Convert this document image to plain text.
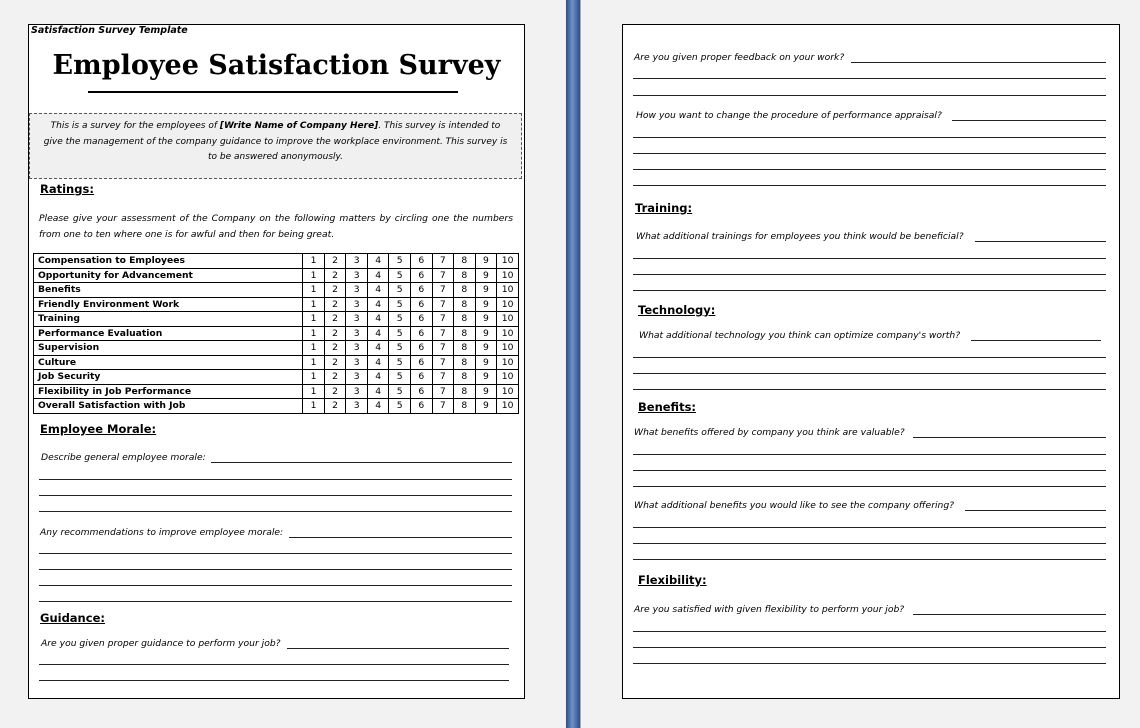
Satisfaction Survey Template
Employee Satisfaction Survey
This is a survey for the employees of [Write Name of Company Here]. This survey is intended to give the management of the company guidance to improve the workplace environment. This survey is to be answered anonymously.
Ratings:
Please give your assessment of the Company on the following matters by circling one the numbers from one to ten where one is for awful and then for being great.
Compensation to Employees	1	2	3	4	5	6	7	8	9	10
Opportunity for Advancement	1	2	3	4	5	6	7	8	9	10
Benefits	1	2	3	4	5	6	7	8	9	10
Friendly Environment Work	1	2	3	4	5	6	7	8	9	10
Training	1	2	3	4	5	6	7	8	9	10
Performance Evaluation	1	2	3	4	5	6	7	8	9	10
Supervision	1	2	3	4	5	6	7	8	9	10
Culture	1	2	3	4	5	6	7	8	9	10
Job Security	1	2	3	4	5	6	7	8	9	10
Flexibility in Job Performance	1	2	3	4	5	6	7	8	9	10
Overall Satisfaction with Job	1	2	3	4	5	6	7	8	9	10
Employee Morale:
Describe general employee morale:
Any recommendations to improve employee morale:
Guidance:
Are you given proper guidance to perform your job?
Are you given proper feedback on your work?
How you want to change the procedure of performance appraisal?
Training:
What additional trainings for employees you think would be beneficial?
Technology:
What additional technology you think can optimize company's worth?
Benefits:
What benefits offered by company you think are valuable?
What additional benefits you would like to see the company offering?
Flexibility:
Are you satisfied with given flexibility to perform your job?
